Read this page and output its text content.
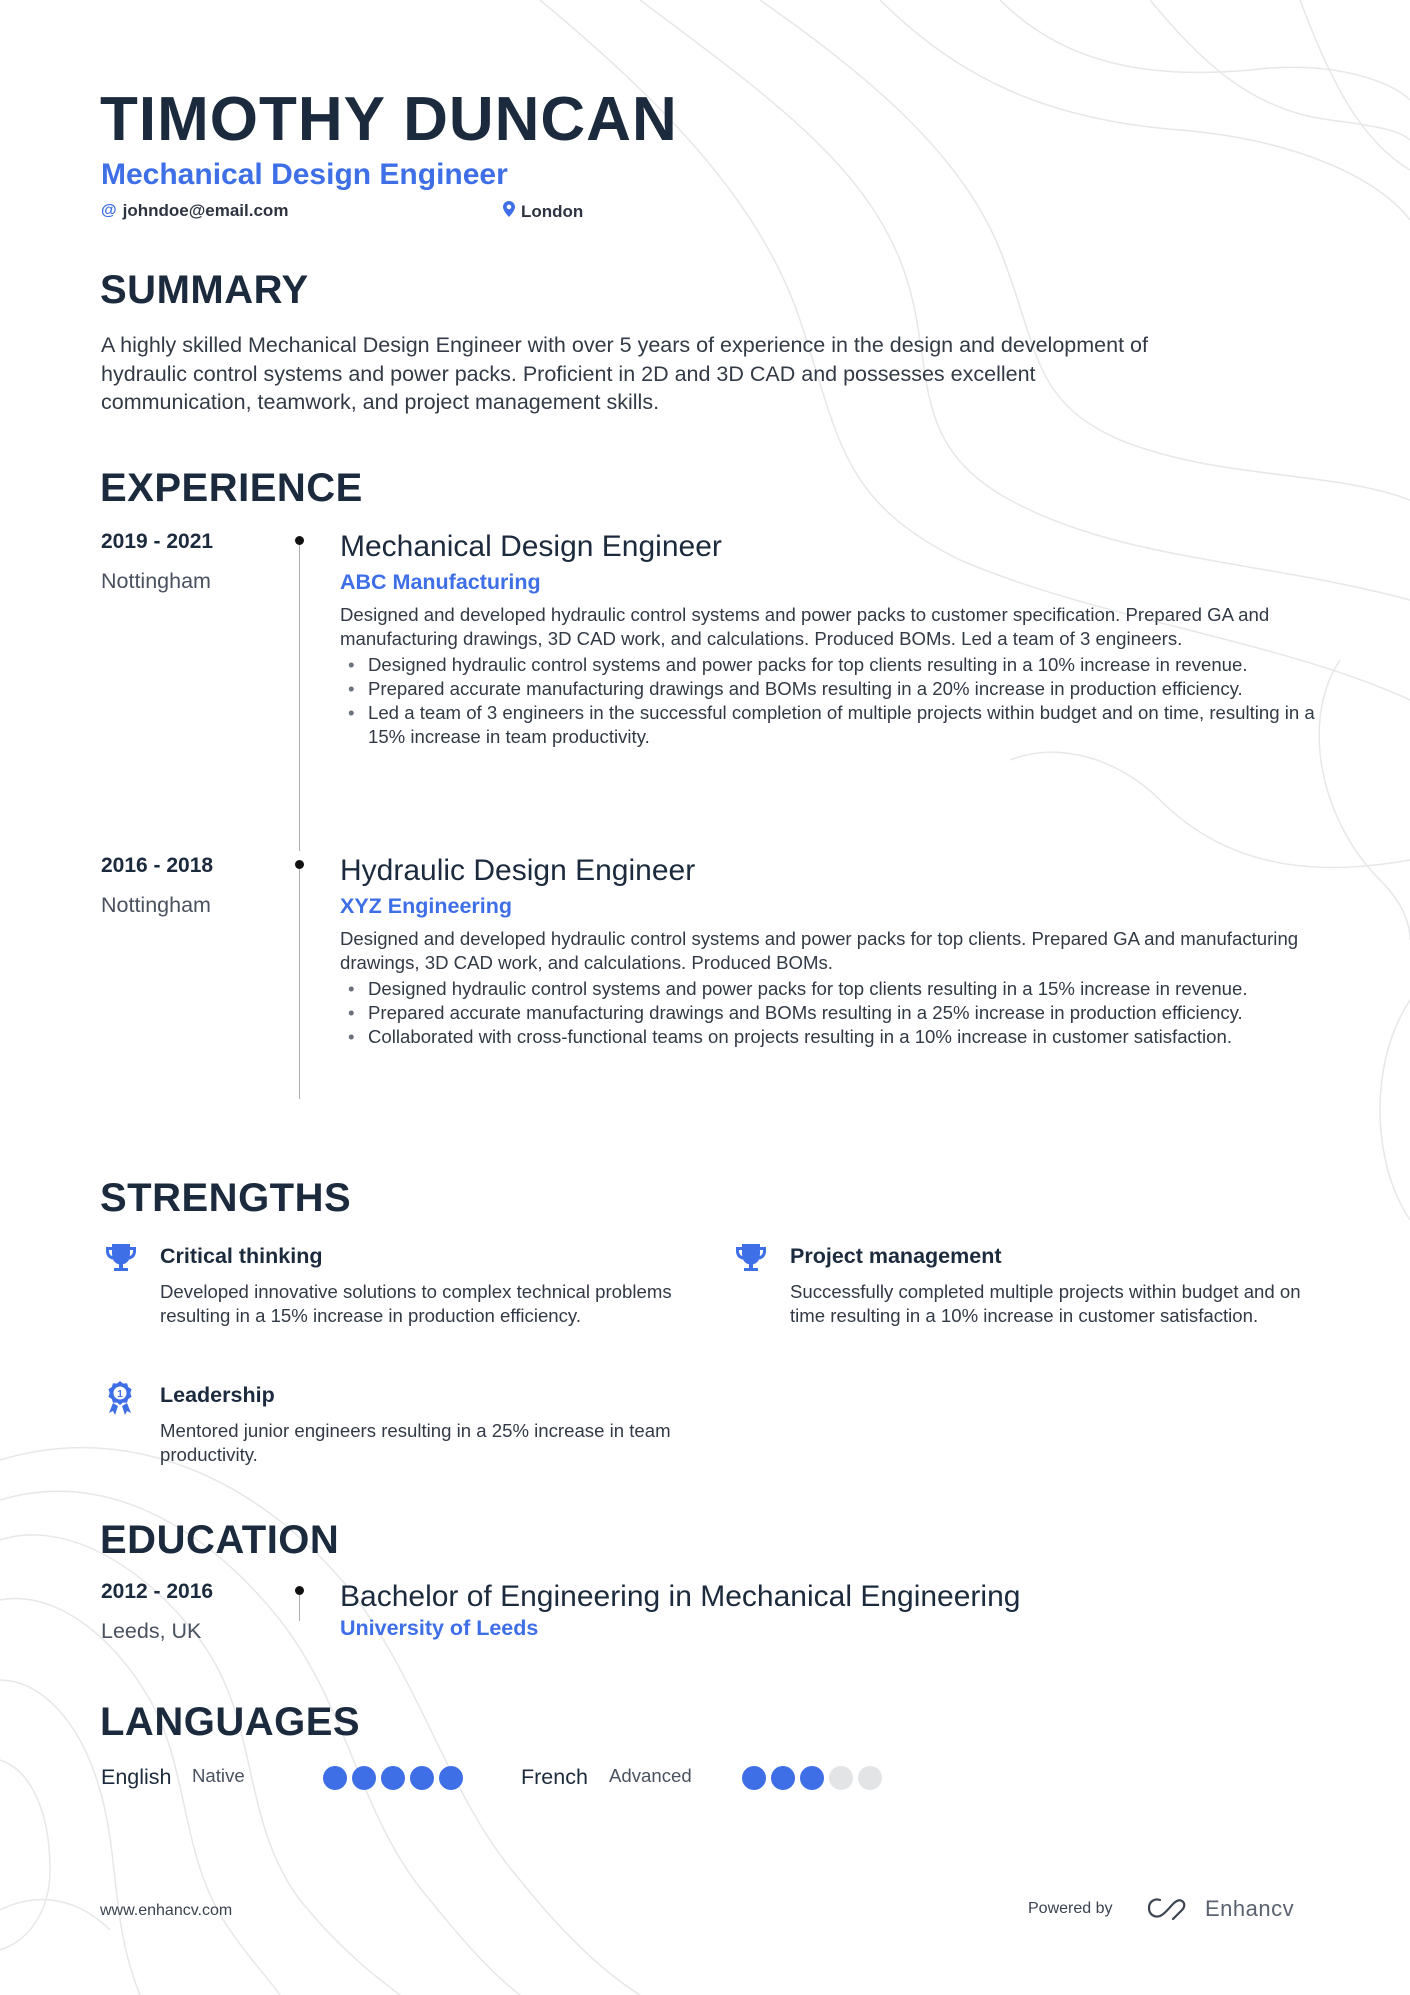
TIMOTHY DUNCAN
Mechanical Design Engineer
@ johndoe@email.com	London
SUMMARY
A highly skilled Mechanical Design Engineer with over 5 years of experience in the design and development of
hydraulic control systems and power packs. Proficient in 2D and 3D CAD and possesses excellent
communication, teamwork, and project management skills.
EXPERIENCE
2019 - 2021
Nottingham
Mechanical Design Engineer
ABC Manufacturing
Designed and developed hydraulic control systems and power packs to customer specification. Prepared GA and manufacturing drawings, 3D CAD work, and calculations. Produced BOMs. Led a team of 3 engineers.
• Designed hydraulic control systems and power packs for top clients resulting in a 10% increase in revenue.
• Prepared accurate manufacturing drawings and BOMs resulting in a 20% increase in production efficiency.
• Led a team of 3 engineers in the successful completion of multiple projects within budget and on time, resulting in a 15% increase in team productivity.
2016 - 2018
Nottingham
Hydraulic Design Engineer
XYZ Engineering
Designed and developed hydraulic control systems and power packs for top clients. Prepared GA and manufacturing drawings, 3D CAD work, and calculations. Produced BOMs.
• Designed hydraulic control systems and power packs for top clients resulting in a 15% increase in revenue.
• Prepared accurate manufacturing drawings and BOMs resulting in a 25% increase in production efficiency.
• Collaborated with cross-functional teams on projects resulting in a 10% increase in customer satisfaction.
STRENGTHS
Critical thinking
Developed innovative solutions to complex technical problems resulting in a 15% increase in production efficiency.
Project management
Successfully completed multiple projects within budget and on time resulting in a 10% increase in customer satisfaction.
1 Leadership
Mentored junior engineers resulting in a 25% increase in team productivity.
EDUCATION
2012 - 2016
Leeds, UK
Bachelor of Engineering in Mechanical Engineering
University of Leeds
LANGUAGES
English Native	French Advanced
www.enhancv.com	Powered by	Enhancv
